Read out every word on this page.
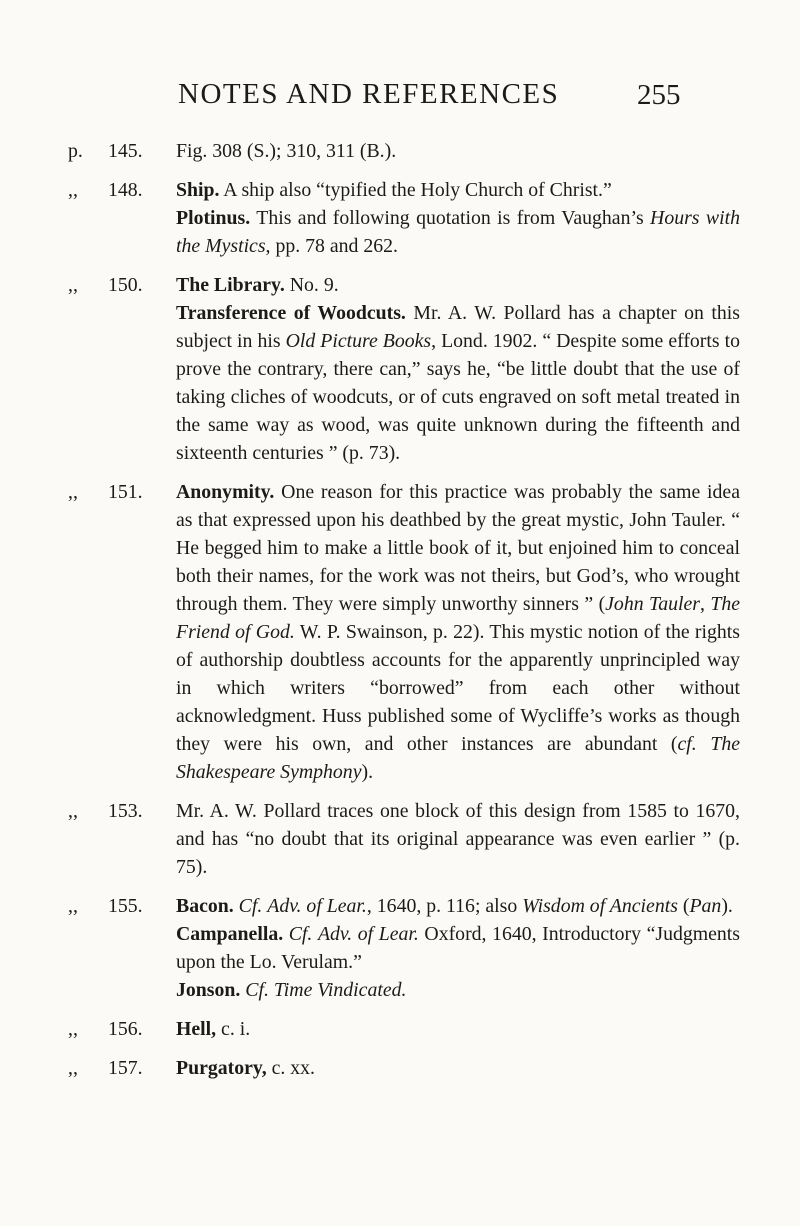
NOTES AND REFERENCES	255
p. 145.	Fig. 308 (S.); 310, 311 (B.).
,, 148.	Ship. A ship also “typified the Holy Church of Christ.”
Plotinus. This and following quotation is from Vaughan’s Hours with the Mystics, pp. 78 and 262.
,, 150.	The Library. No. 9.
Transference of Woodcuts. Mr. A. W. Pollard has a chapter on this subject in his Old Picture Books, Lond. 1902. “ Despite some efforts to prove the contrary, there can,” says he, “be little doubt that the use of taking cliches of woodcuts, or of cuts engraved on soft metal treated in the same way as wood, was quite unknown during the fifteenth and sixteenth centuries ” (p. 73).
,, 151.	Anonymity. One reason for this practice was probably the same idea as that expressed upon his deathbed by the great mystic, John Tauler. “ He begged him to make a little book of it, but enjoined him to conceal both their names, for the work was not theirs, but God’s, who wrought through them. They were simply unworthy sinners ” (John Tauler, The Friend of God. W. P. Swainson, p. 22). This mystic notion of the rights of authorship doubtless accounts for the apparently unprincipled way in which writers “borrowed” from each other without acknowledgment. Huss published some of Wycliffe’s works as though they were his own, and other instances are abundant (cf. The Shakespeare Symphony).
,, 153.	Mr. A. W. Pollard traces one block of this design from 1585 to 1670, and has “no doubt that its original appearance was even earlier ” (p. 75).
,, 155.	Bacon. Cf. Adv. of Lear., 1640, p. 116; also Wisdom of Ancients (Pan).
Campanella. Cf. Adv. of Lear. Oxford, 1640, Introductory “Judgments upon the Lo. Verulam.”
Jonson. Cf. Time Vindicated.
,, 156.	Hell, c. i.
,, 157.	Purgatory, c. xx.
